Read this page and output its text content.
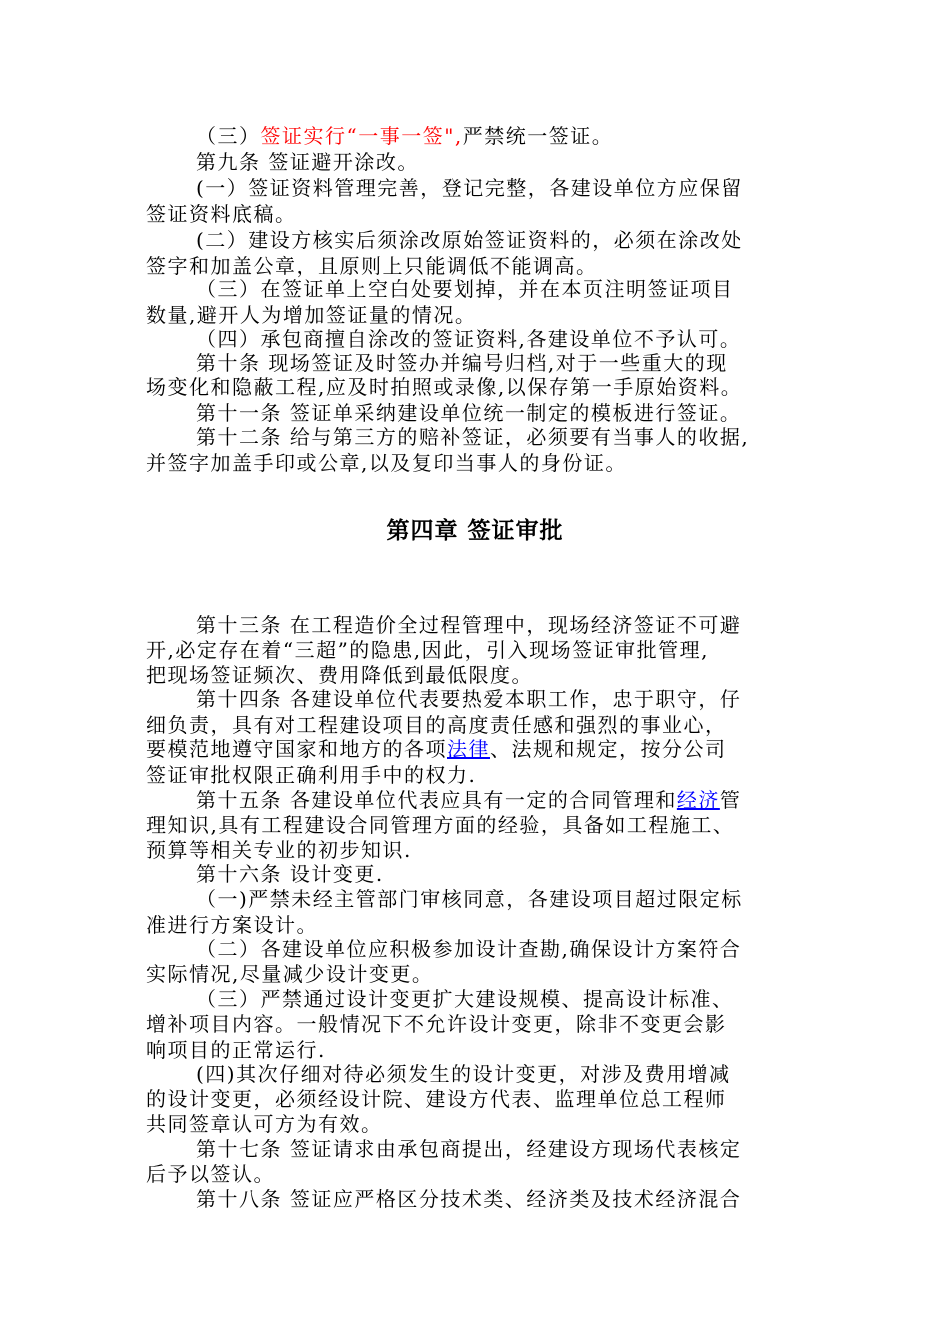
（三）签证实行“一事一签",严禁统一签证。
第九条 签证避开涂改。
(一）签证资料管理完善，登记完整，各建设单位方应保留
签证资料底稿。
(二）建设方核实后须涂改原始签证资料的，必须在涂改处
签字和加盖公章，且原则上只能调低不能调高。
（三）在签证单上空白处要划掉，并在本页注明签证项目
数量,避开人为增加签证量的情况。
（四）承包商擅自涂改的签证资料,各建设单位不予认可。
第十条 现场签证及时签办并编号归档,对于一些重大的现
场变化和隐蔽工程,应及时拍照或录像,以保存第一手原始资料。
第十一条 签证单采纳建设单位统一制定的模板进行签证。
第十二条 给与第三方的赔补签证，必须要有当事人的收据,
并签字加盖手印或公章,以及复印当事人的身份证。
第四章 签证审批
第十三条 在工程造价全过程管理中，现场经济签证不可避
开,必定存在着“三超”的隐患,因此，引入现场签证审批管理,
把现场签证频次、费用降低到最低限度。
第十四条 各建设单位代表要热爱本职工作，忠于职守，仔
细负责，具有对工程建设项目的高度责任感和强烈的事业心，
要模范地遵守国家和地方的各项法律、法规和规定，按分公司
签证审批权限正确利用手中的权力.
第十五条 各建设单位代表应具有一定的合同管理和经济管
理知识,具有工程建设合同管理方面的经验，具备如工程施工、
预算等相关专业的初步知识.
第十六条 设计变更.
（一)严禁未经主管部门审核同意，各建设项目超过限定标
准进行方案设计。
（二）各建设单位应积极参加设计查勘,确保设计方案符合
实际情况,尽量减少设计变更。
（三）严禁通过设计变更扩大建设规模、提高设计标准、
增补项目内容。一般情况下不允许设计变更，除非不变更会影
响项目的正常运行.
(四)其次仔细对待必须发生的设计变更，对涉及费用增减
的设计变更，必须经设计院、建设方代表、监理单位总工程师
共同签章认可方为有效。
第十七条 签证请求由承包商提出，经建设方现场代表核定
后予以签认。
第十八条 签证应严格区分技术类、经济类及技术经济混合
